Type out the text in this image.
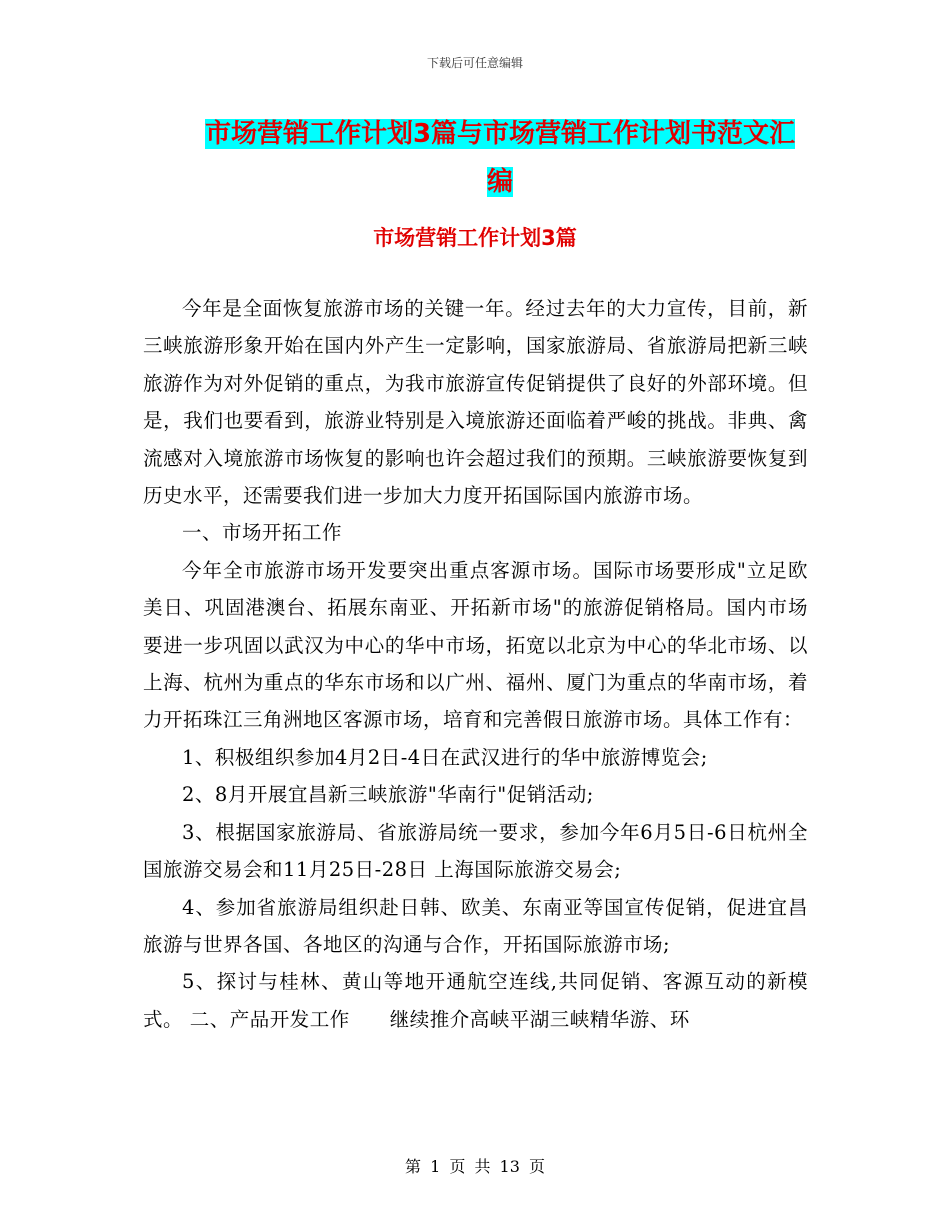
下载后可任意编辑
市场营销工作计划3篇与市场营销工作计划书范文汇
编
市场营销工作计划3篇

今年是全面恢复旅游市场的关键一年。经过去年的大力宣传，目前，新三峡旅游形象开始在国内外产生一定影响，国家旅游局、省旅游局把新三峡旅游作为对外促销的重点，为我市旅游宣传促销提供了良好的外部环境。但是，我们也要看到，旅游业特别是入境旅游还面临着严峻的挑战。非典、禽流感对入境旅游市场恢复的影响也许会超过我们的预期。三峡旅游要恢复到历史水平，还需要我们进一步加大力度开拓国际国内旅游市场。

一、市场开拓工作

今年全市旅游市场开发要突出重点客源市场。国际市场要形成"立足欧美日、巩固港澳台、拓展东南亚、开拓新市场"的旅游促销格局。国内市场要进一步巩固以武汉为中心的华中市场，拓宽以北京为中心的华北市场、以上海、杭州为重点的华东市场和以广州、福州、厦门为重点的华南市场，着力开拓珠江三角洲地区客源市场，培育和完善假日旅游市场。具体工作有：

1、积极组织参加4月2日-4日在武汉进行的华中旅游博览会;

2、8月开展宜昌新三峡旅游"华南行"促销活动;

3、根据国家旅游局、省旅游局统一要求，参加今年6月5日-6日杭州全国旅游交易会和11月25日-28日 上海国际旅游交易会;

4、参加省旅游局组织赴日韩、欧美、东南亚等国宣传促销，促进宜昌旅游与世界各国、各地区的沟通与合作，开拓国际旅游市场;

5、探讨与桂林、黄山等地开通航空连线,共同促销、客源互动的新模式。 二、产品开发工作　　继续推介高峡平湖三峡精华游、环

第 1 页 共 13 页
